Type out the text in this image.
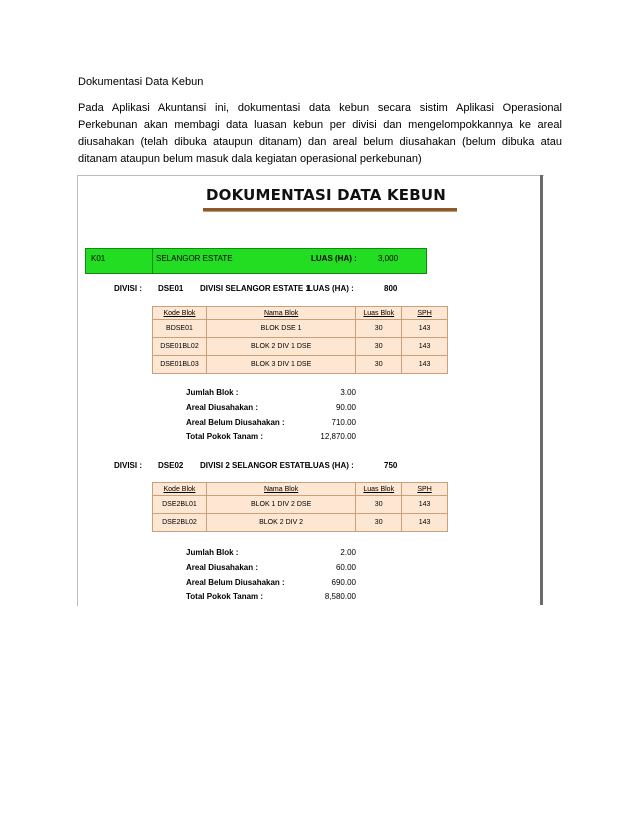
Dokumentasi Data Kebun

Pada Aplikasi Akuntansi ini, dokumentasi data kebun secara sistim Aplikasi Operasional Perkebunan akan membagi data luasan kebun per divisi dan mengelompokkannya ke areal diusahakan (telah dibuka ataupun ditanam) dan areal belum diusahakan (belum dibuka atau ditanam ataupun belum masuk dala kegiatan operasional perkebunan)

DOKUMENTASI DATA KEBUN
K01	SELANGOR ESTATE	LUAS (HA) :	3,000
DIVISI : DSE01 DIVISI SELANGOR ESTATE 1
LUAS (HA) :	800
Kode Blok	Nama Blok	Luas Blok	SPH
BDSE01	BLOK DSE 1	30	143
DSE01BL02	BLOK 2 DIV 1 DSE	30	143
DSE01BL03	BLOK 3 DIV 1 DSE	30	143
Jumlah Blok :	3.00
Areal Diusahakan :	90.00
Areal Belum Diusahakan :	710.00
Total Pokok Tanam :	12,870.00
DIVISI : DSE02 DIVISI 2 SELANGOR ESTATE
LUAS (HA) :	750
Kode Blok	Nama Blok	Luas Blok	SPH
DSE2BL01	BLOK 1 DIV 2 DSE	30	143
DSE2BL02	BLOK 2 DIV 2	30	143
Jumlah Blok :	2.00
Areal Diusahakan :	60.00
Areal Belum Diusahakan :	690.00
Total Pokok Tanam :	8,580.00
